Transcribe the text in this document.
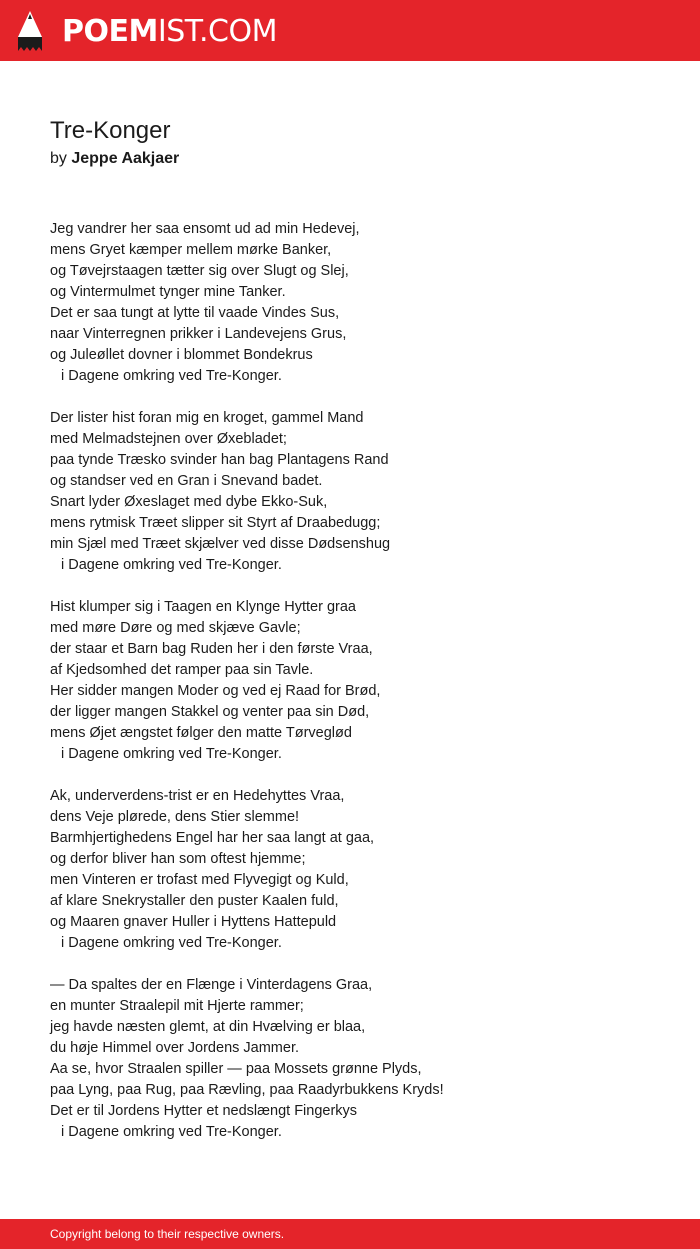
POEMIST.COM
Tre-Konger
by Jeppe Aakjaer
Jeg vandrer her saa ensomt ud ad min Hedevej,
mens Gryet kæmper mellem mørke Banker,
og Tøvejrstaagen tætter sig over Slugt og Slej,
og Vintermulmet tynger mine Tanker.
Det er saa tungt at lytte til vaade Vindes Sus,
naar Vinterregnen prikker i Landevejens Grus,
og Juleøllet dovner i blommet Bondekrus
i Dagene omkring ved Tre-Konger.
Der lister hist foran mig en kroget, gammel Mand
med Melmadstejnen over Øxebladet;
paa tynde Træsko svinder han bag Plantagens Rand
og standser ved en Gran i Snevand badet.
Snart lyder Øxeslaget med dybe Ekko-Suk,
mens rytmisk Træet slipper sit Styrt af Draabedugg;
min Sjæl med Træet skjælver ved disse Dødsenshug
i Dagene omkring ved Tre-Konger.
Hist klumper sig i Taagen en Klynge Hytter graa
med møre Døre og med skjæve Gavle;
der staar et Barn bag Ruden her i den første Vraa,
af Kjedsomhed det ramper paa sin Tavle.
Her sidder mangen Moder og ved ej Raad for Brød,
der ligger mangen Stakkel og venter paa sin Død,
mens Øjet ængstet følger den matte Tørveglød
i Dagene omkring ved Tre-Konger.
Ak, underverdens-trist er en Hedehyttes Vraa,
dens Veje plørede, dens Stier slemme!
Barmhjertighedens Engel har her saa langt at gaa,
og derfor bliver han som oftest hjemme;
men Vinteren er trofast med Flyvegigt og Kuld,
af klare Snekrystaller den puster Kaalen fuld,
og Maaren gnaver Huller i Hyttens Hattepuld
i Dagene omkring ved Tre-Konger.
— Da spaltes der en Flænge i Vinterdagens Graa,
en munter Straalepil mit Hjerte rammer;
jeg havde næsten glemt, at din Hvælving er blaa,
du høje Himmel over Jordens Jammer.
Aa se, hvor Straalen spiller — paa Mossets grønne Plyds,
paa Lyng, paa Rug, paa Rævling, paa Raadyrbukkens Kryds!
Det er til Jordens Hytter et nedslængt Fingerkys
i Dagene omkring ved Tre-Konger.
Copyright belong to their respective owners.
